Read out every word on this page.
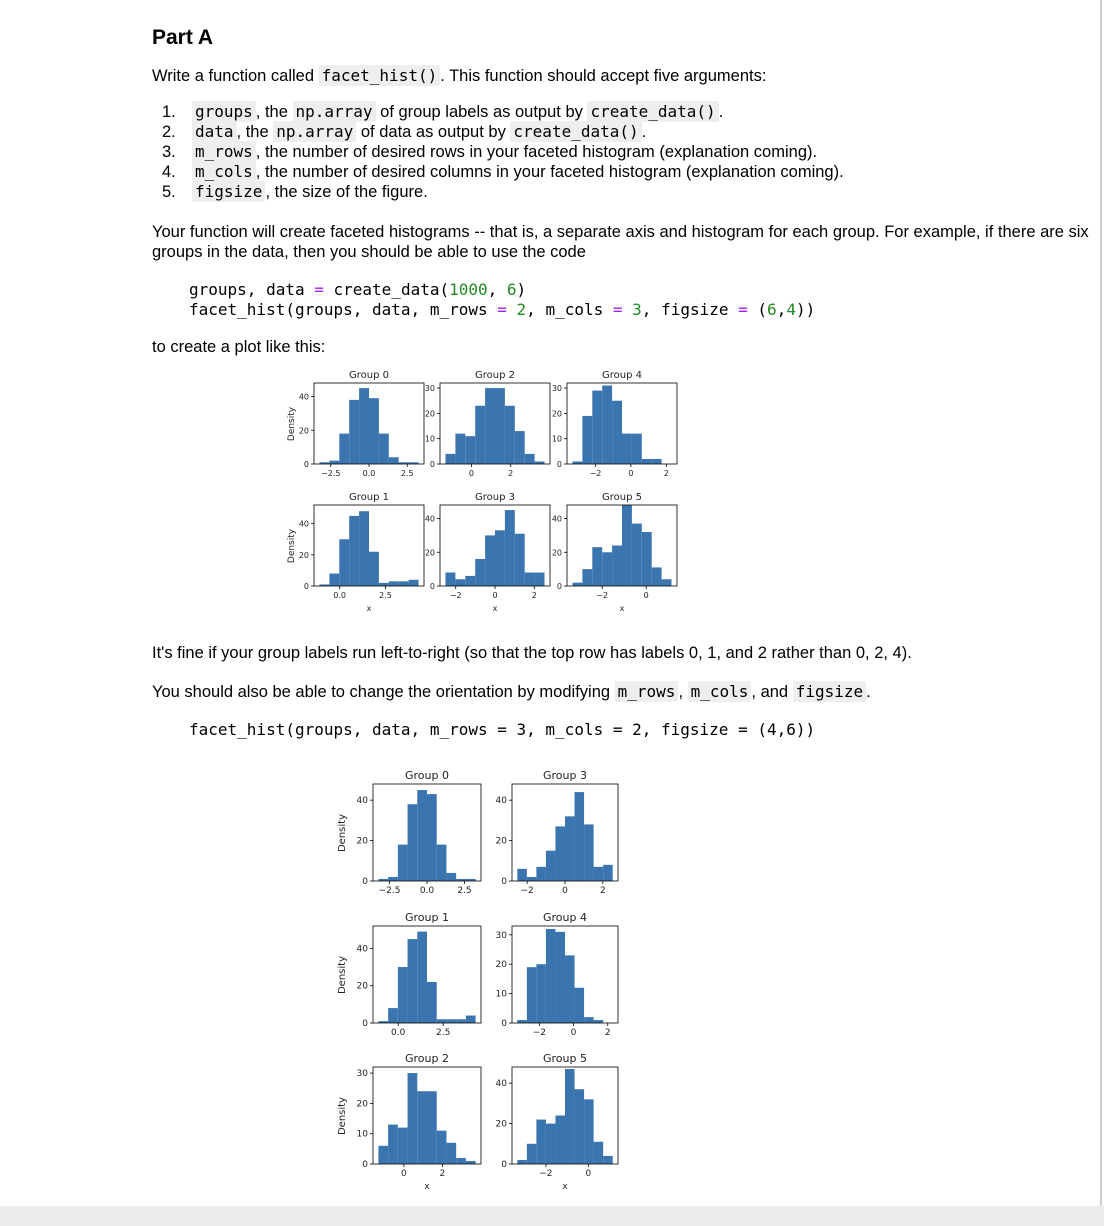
Part A
Write a function called facet_hist() . This function should accept five arguments:
1. groups , the np.array of group labels as output by create_data() .
2. data , the np.array of data as output by create_data() .
3. m_rows , the number of desired rows in your faceted histogram (explanation coming).
4. m_cols , the number of desired columns in your faceted histogram (explanation coming).
5. figsize , the size of the figure.
Your function will create faceted histograms -- that is, a separate axis and histogram for each group. For example, if there are six groups in the data, then you should be able to use the code
groups, data = create_data(1000, 6)
facet_hist(groups, data, m_rows = 2, m_cols = 3, figsize = (6,4))
to create a plot like this:
Group 0
0
20
40
−2.5	0.0	2.5
Group 2
0
10
20
30
0	2
Group 4
0
10
20
30
−2	0	2
Group 1
0
20
40
0.0	2.5
x
Group 3
0
20
40
−2	0	2
x
Group 5
0
20
40
−2	0
x
Density
Density
It's fine if your group labels run left-to-right (so that the top row has labels 0, 1, and 2 rather than 0, 2, 4).
You should also be able to change the orientation by modifying m_rows , m_cols , and figsize .
facet_hist(groups, data, m_rows = 3, m_cols = 2, figsize = (4,6))
Group 0
0
20
40
−2.5 0.0	2.5
Group 3
0
20
40
−2	0	2
Group 1
0
20
40
0.0	2.5
Group 4
0
10
20
30
−2	0	2
Group 2
0
10
20
30
0	2
x
Group 5
0
20
40
−2	0
x
Density
Density
Density
